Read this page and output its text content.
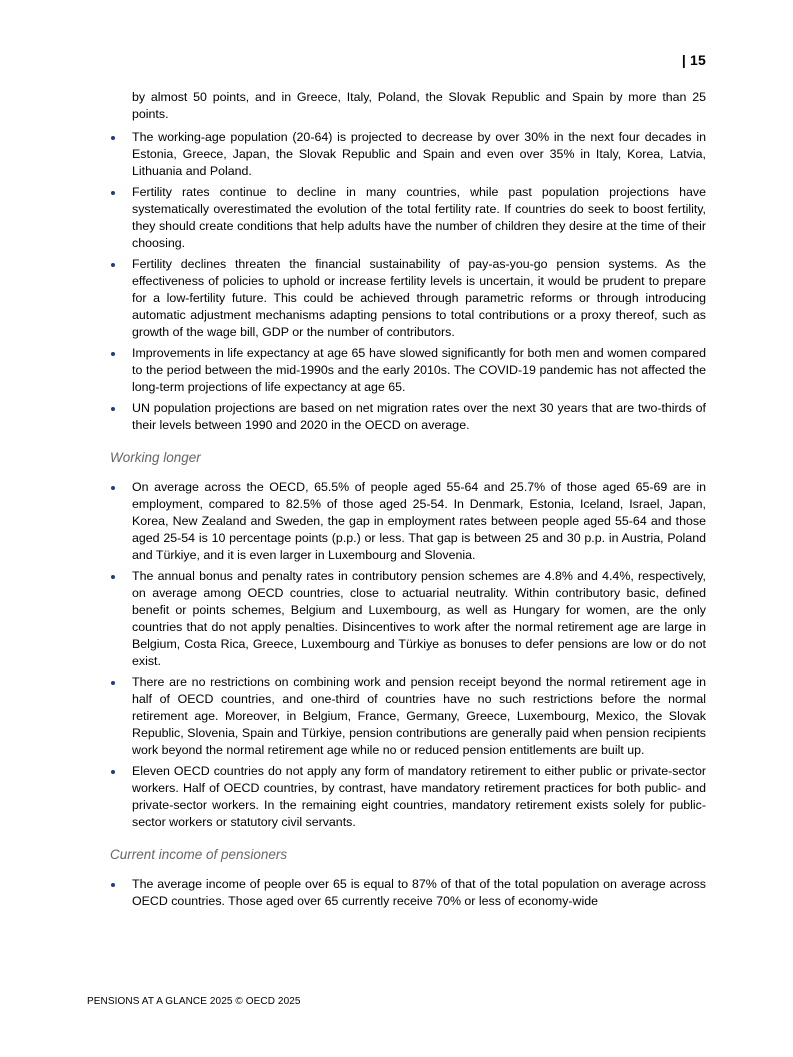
| 15

by almost 50 points, and in Greece, Italy, Poland, the Slovak Republic and Spain by more than 25 points.

The working-age population (20-64) is projected to decrease by over 30% in the next four decades in Estonia, Greece, Japan, the Slovak Republic and Spain and even over 35% in Italy, Korea, Latvia, Lithuania and Poland.
Fertility rates continue to decline in many countries, while past population projections have systematically overestimated the evolution of the total fertility rate. If countries do seek to boost fertility, they should create conditions that help adults have the number of children they desire at the time of their choosing.
Fertility declines threaten the financial sustainability of pay-as-you-go pension systems. As the effectiveness of policies to uphold or increase fertility levels is uncertain, it would be prudent to prepare for a low-fertility future. This could be achieved through parametric reforms or through introducing automatic adjustment mechanisms adapting pensions to total contributions or a proxy thereof, such as growth of the wage bill, GDP or the number of contributors.
Improvements in life expectancy at age 65 have slowed significantly for both men and women compared to the period between the mid-1990s and the early 2010s. The COVID-19 pandemic has not affected the long-term projections of life expectancy at age 65.
UN population projections are based on net migration rates over the next 30 years that are two-thirds of their levels between 1990 and 2020 in the OECD on average.
Working longer
On average across the OECD, 65.5% of people aged 55-64 and 25.7% of those aged 65-69 are in employment, compared to 82.5% of those aged 25-54. In Denmark, Estonia, Iceland, Israel, Japan, Korea, New Zealand and Sweden, the gap in employment rates between people aged 55-64 and those aged 25-54 is 10 percentage points (p.p.) or less. That gap is between 25 and 30 p.p. in Austria, Poland and Türkiye, and it is even larger in Luxembourg and Slovenia.
The annual bonus and penalty rates in contributory pension schemes are 4.8% and 4.4%, respectively, on average among OECD countries, close to actuarial neutrality. Within contributory basic, defined benefit or points schemes, Belgium and Luxembourg, as well as Hungary for women, are the only countries that do not apply penalties. Disincentives to work after the normal retirement age are large in Belgium, Costa Rica, Greece, Luxembourg and Türkiye as bonuses to defer pensions are low or do not exist.
There are no restrictions on combining work and pension receipt beyond the normal retirement age in half of OECD countries, and one-third of countries have no such restrictions before the normal retirement age. Moreover, in Belgium, France, Germany, Greece, Luxembourg, Mexico, the Slovak Republic, Slovenia, Spain and Türkiye, pension contributions are generally paid when pension recipients work beyond the normal retirement age while no or reduced pension entitlements are built up.
Eleven OECD countries do not apply any form of mandatory retirement to either public or private-sector workers. Half of OECD countries, by contrast, have mandatory retirement practices for both public- and private-sector workers. In the remaining eight countries, mandatory retirement exists solely for public-sector workers or statutory civil servants.
Current income of pensioners
The average income of people over 65 is equal to 87% of that of the total population on average across OECD countries. Those aged over 65 currently receive 70% or less of economy-wide
PENSIONS AT A GLANCE 2025 © OECD 2025
